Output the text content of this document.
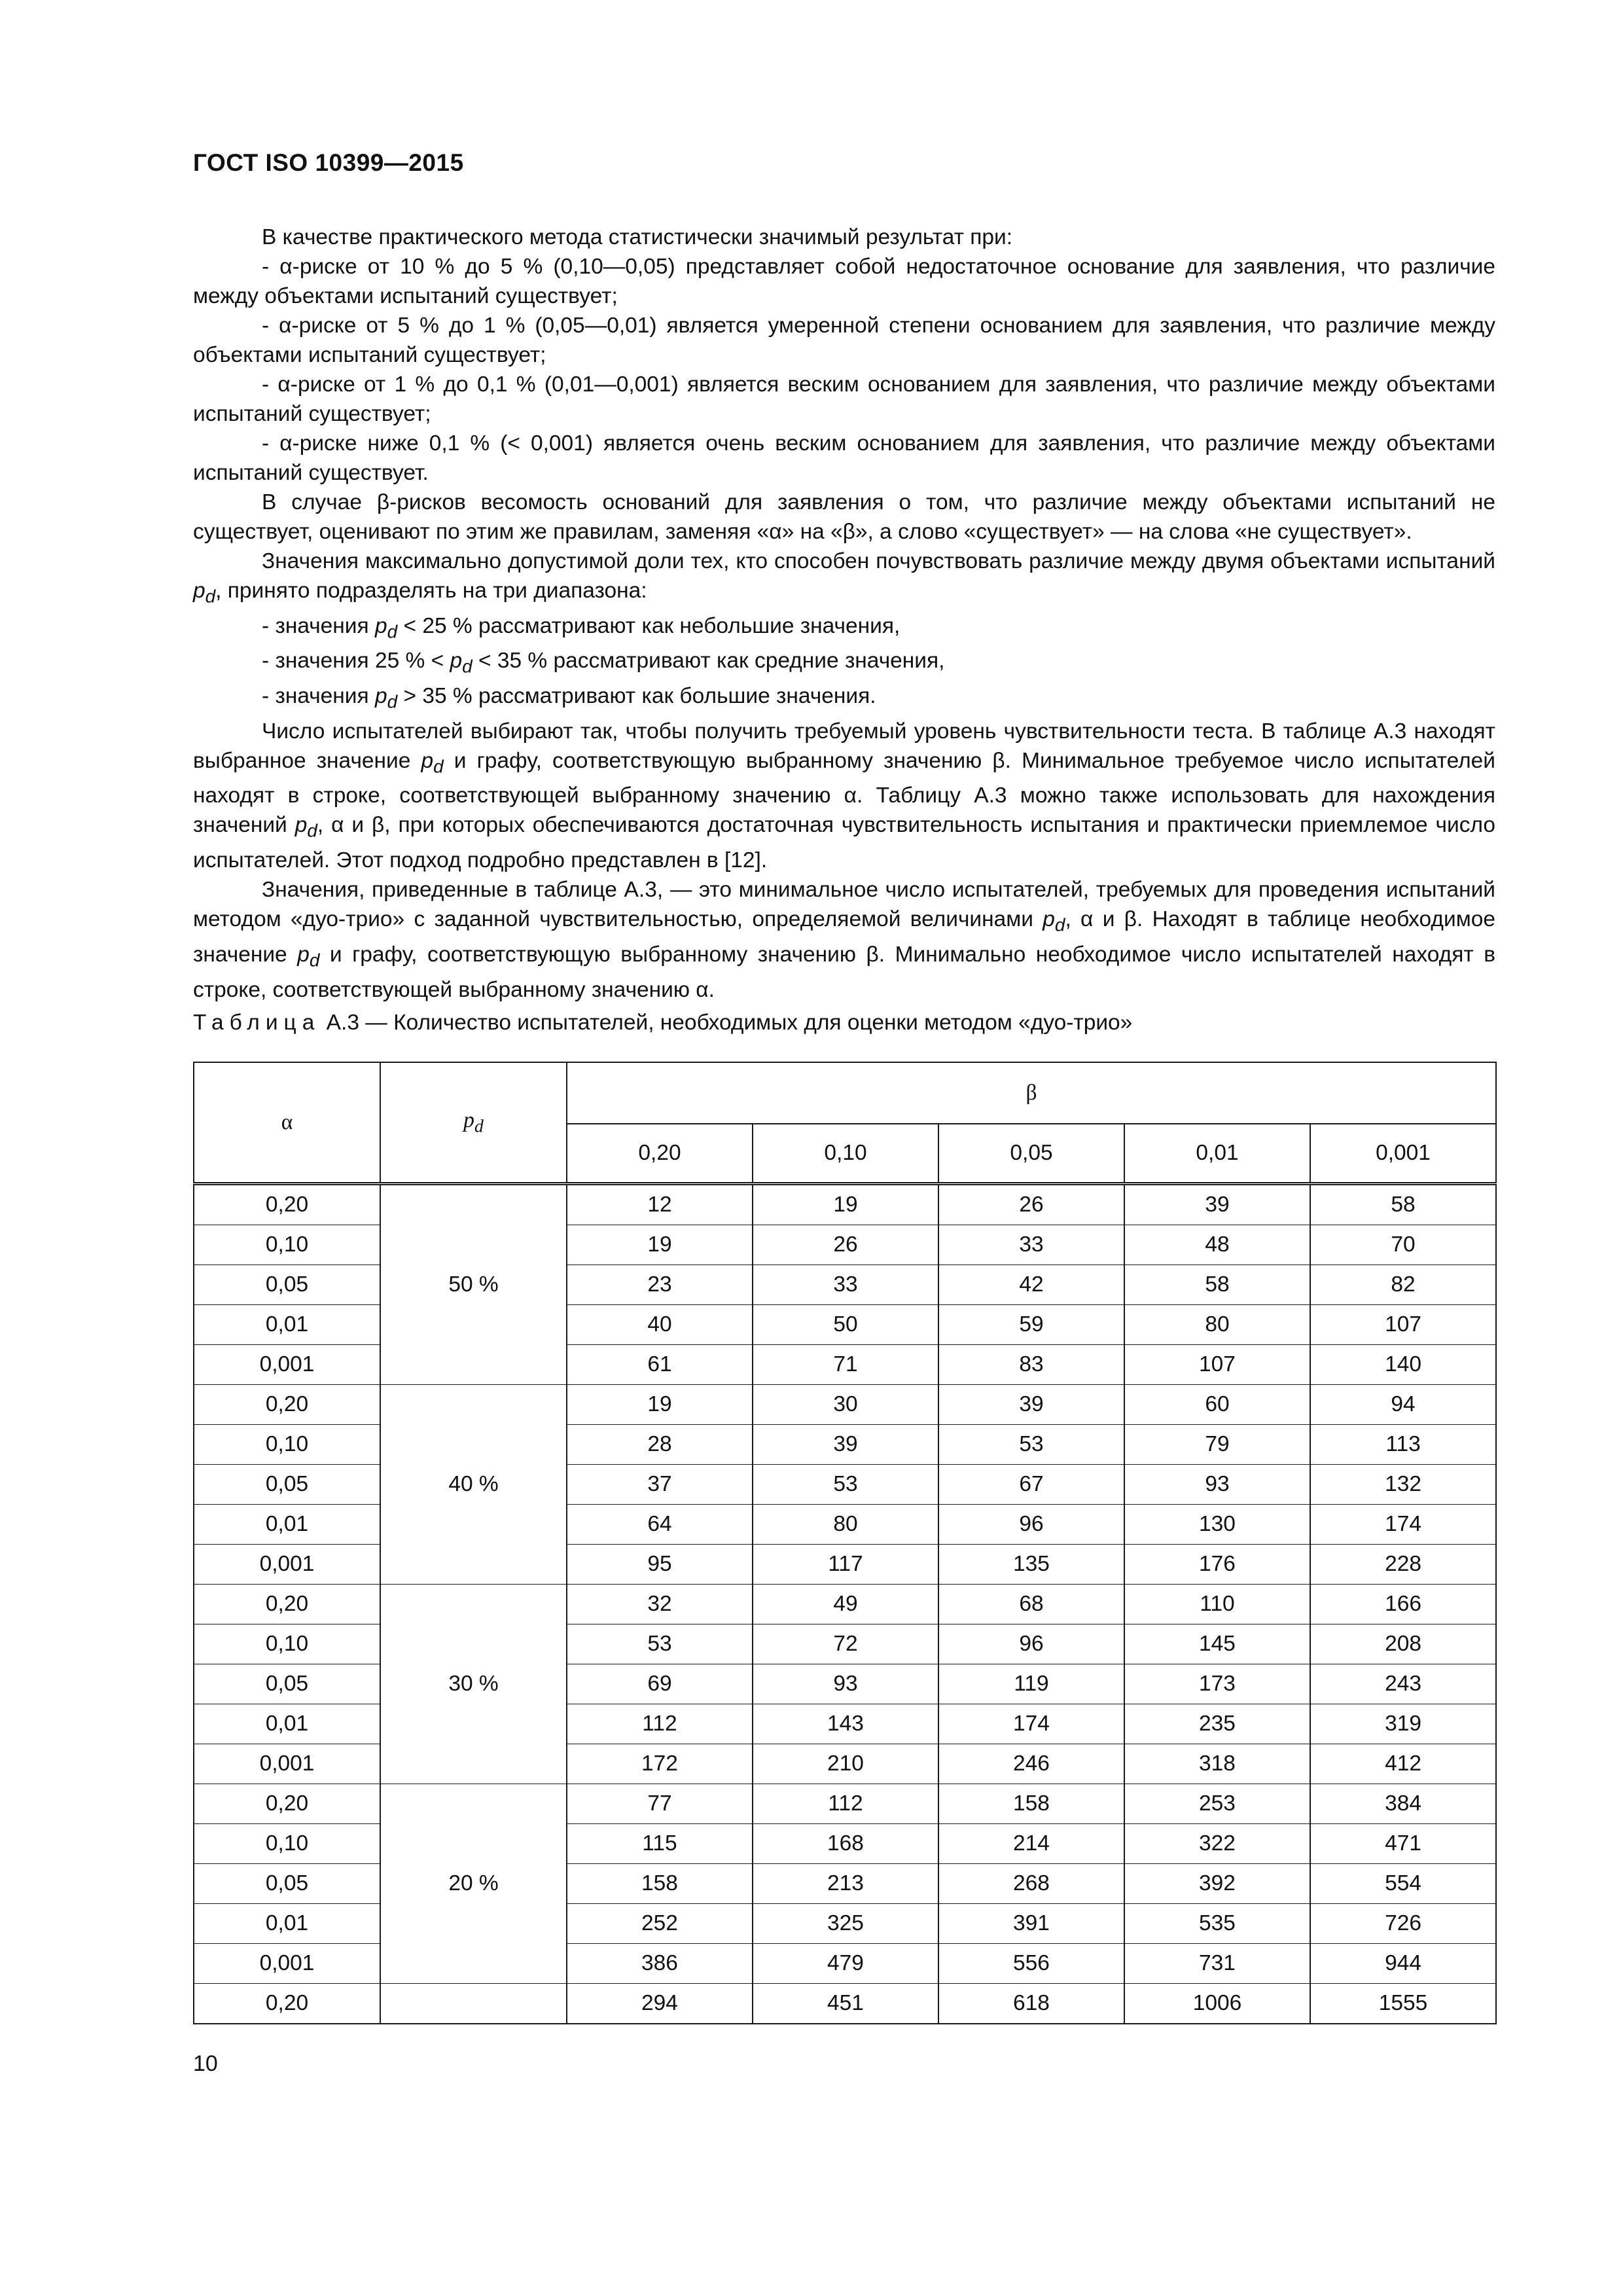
ГОСТ ISO 10399—2015

В качестве практического метода статистически значимый результат при:

- α-риске от 10 % до 5 % (0,10—0,05) представляет собой недостаточное основание для заявления, что различие между объектами испытаний существует;

- α-риске от 5 % до 1 % (0,05—0,01) является умеренной степени основанием для заявления, что различие между объектами испытаний существует;

- α-риске от 1 % до 0,1 % (0,01—0,001) является веским основанием для заявления, что различие между объектами испытаний существует;

- α-риске ниже 0,1 % (< 0,001) является очень веским основанием для заявления, что различие между объектами испытаний существует.

В случае β-рисков весомость оснований для заявления о том, что различие между объектами испытаний не существует, оценивают по этим же правилам, заменяя «α» на «β», а слово «существует» — на слова «не существует».

Значения максимально допустимой доли тех, кто способен почувствовать различие между двумя объектами испытаний $p_d$, принято подразделять на три диапазона:

- значения $p_d < 25$ % рассматривают как небольшие значения,

- значения 25 % < $p_d < 35$ % рассматривают как средние значения,

- значения $p_d > 35$ % рассматривают как большие значения.

Число испытателей выбирают так, чтобы получить требуемый уровень чувствительности теста. В таблице А.3 находят выбранное значение $p_d$ и графу, соответствующую выбранному значению β. Минимальное требуемое число испытателей находят в строке, соответствующей выбранному значению α. Таблицу А.3 можно также использовать для нахождения значений $p_d$, α и β, при которых обеспечиваются достаточная чувствительность испытания и практически приемлемое число испытателей. Этот подход подробно представлен в [12].

Значения, приведенные в таблице А.3, — это минимальное число испытателей, требуемых для проведения испытаний методом «дуо-трио» с заданной чувствительностью, определяемой величинами $p_d$, α и β. Находят в таблице необходимое значение $p_d$ и графу, соответствующую выбранному значению β. Минимально необходимое число испытателей находят в строке, соответствующей выбранному значению α.

Таблица А.3 — Количество испытателей, необходимых для оценки методом «дуо-трио»
α	$p_d$	β				
		0,20	0,10	0,05	0,01	0,001
0,20		12	19	26	39	58
0,10		19	26	33	48	70
0,05	50 %	23	33	42	58	82
0,01		40	50	59	80	107
0,001		61	71	83	107	140
0,20		19	30	39	60	94
0,10		28	39	53	79	113
0,05	40 %	37	53	67	93	132
0,01		64	80	96	130	174
0,001		95	117	135	176	228
0,20		32	49	68	110	166
0,10		53	72	96	145	208
0,05	30 %	69	93	119	173	243
0,01		112	143	174	235	319
0,001		172	210	246	318	412
0,20		77	112	158	253	384
0,10		115	168	214	322	471
0,05	20 %	158	213	268	392	554
0,01		252	325	391	535	726
0,001		386	479	556	731	944
0,20		294	451	618	1006	1555
10
